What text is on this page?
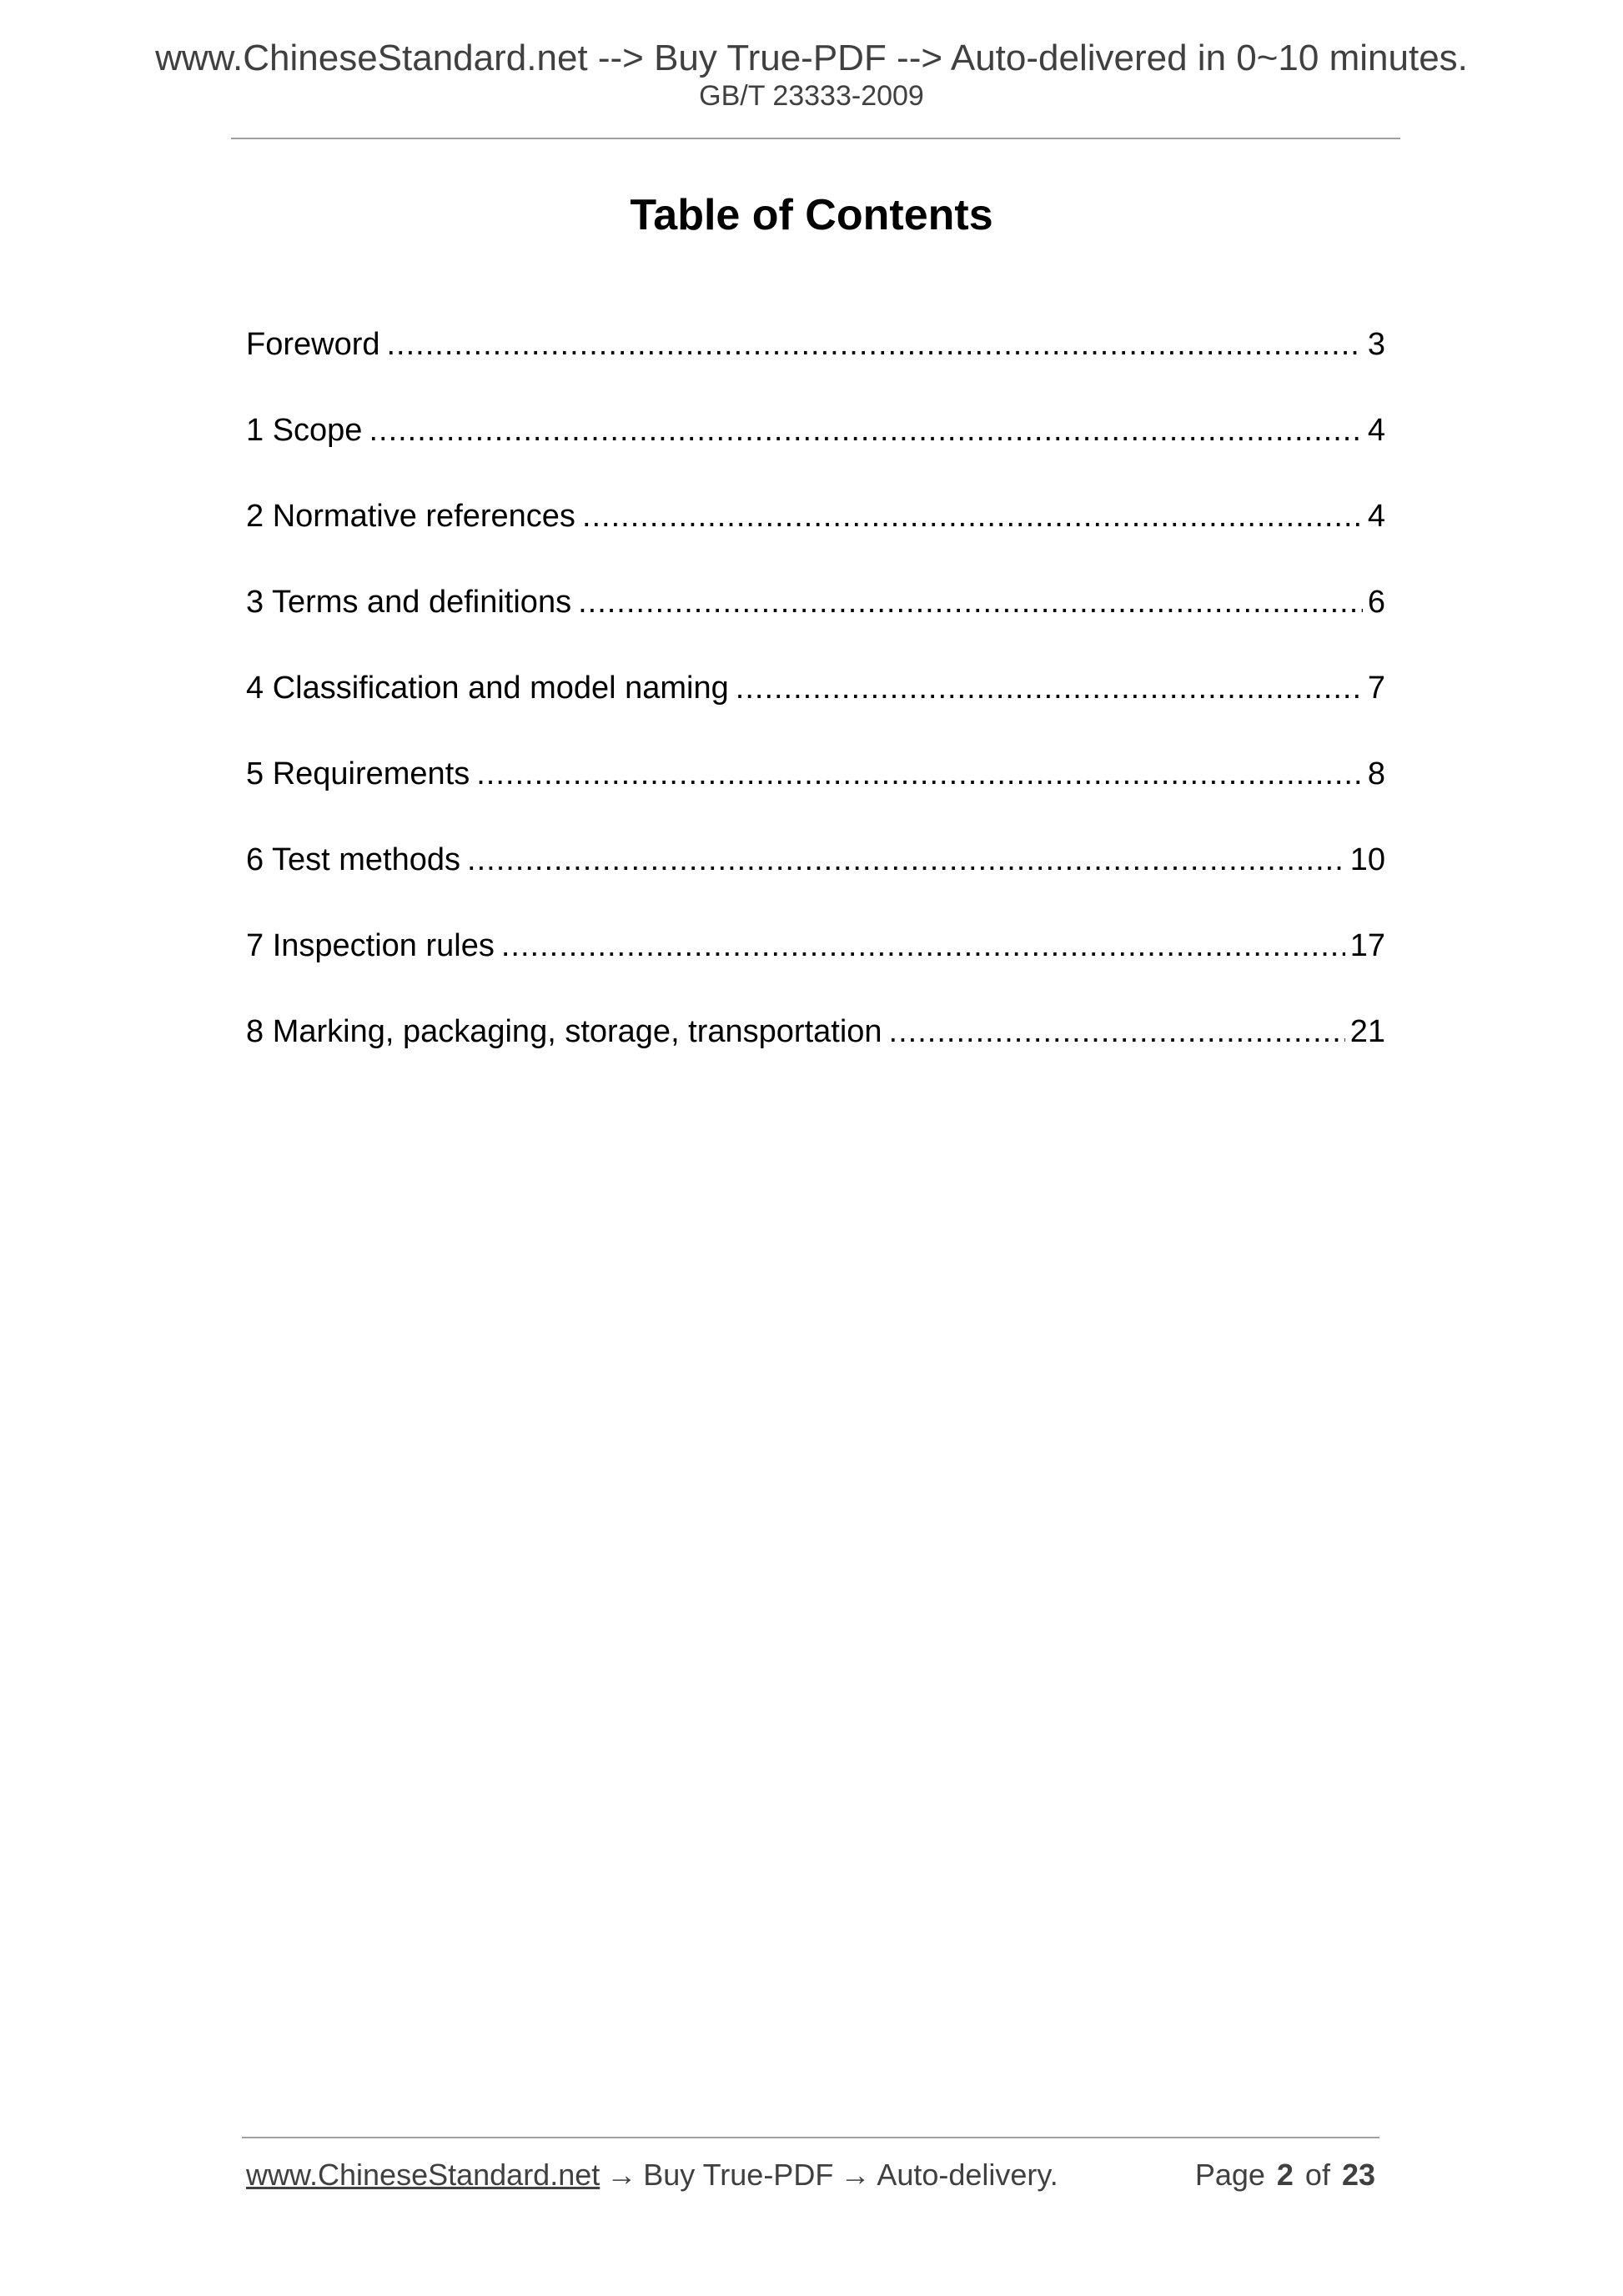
www.ChineseStandard.net --> Buy True-PDF --> Auto-delivered in 0~10 minutes.
GB/T 23333-2009
Table of Contents
Foreword .....	3
1 Scope .....	4
2 Normative references .....	4
3 Terms and definitions .....	6
4 Classification and model naming .....	7
5 Requirements .....	8
6 Test methods .....	10
7 Inspection rules .....	17
8 Marking, packaging, storage, transportation .....	21
www.ChineseStandard.net → Buy True-PDF → Auto-delivery.	Page 2 of 23
